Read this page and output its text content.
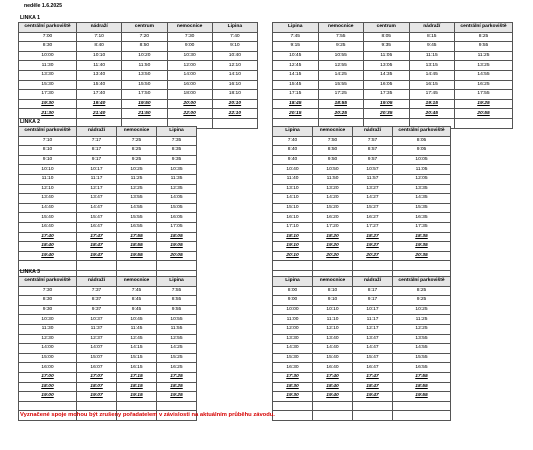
neděle 1.6.2025
LINKA 1
centrální parkoviště	nádraží	centrum	nemocnice	Lipina
7:00	7:10	7:20	7:30	7:40
8:30	8:40	8:50	9:00	9:10
10:00	10:10	10:20	10:30	10:40
11:30	11:40	11:50	12:00	12:10
13:30	13:40	13:50	14:00	14:10
15:30	15:40	15:50	16:00	16:10
17:30	17:40	17:50	18:00	18:10
19:30	19:40	19:50	20:00	20:10
21:30	21:40	21:50	22:00	22:10

Lipina	nemocnice	centrum	nádraží	centrální parkoviště
7:45	7:55	8:05	8:15	8:25
9:15	9:25	9:35	9:45	9:55
10:45	10:55	11:05	11:15	11:25
12:45	12:55	13:05	13:15	13:25
14:15	14:25	14:35	14:45	14:55
15:45	15:55	16:05	16:15	16:25
17:15	17:25	17:35	17:45	17:55
18:45	18:55	19:05	19:15	19:25
20:15	20:25	20:35	20:45	20:55

LINKA 2
centrální parkoviště	nádraží	nemocnice	Lipina
7:10	7:17	7:25	7:35
8:10	8:17	8:25	8:35
9:10	9:17	9:25	9:35
10:10	10:17	10:25	10:35
11:10	11:17	11:25	11:35
12:10	12:17	12:25	12:35
13:40	13:47	13:55	14:05
14:40	14:47	14:55	15:05
15:40	15:47	15:55	16:05
16:40	16:47	16:55	17:05
17:40	17:47	17:55	18:05
18:40	18:47	18:55	19:05
19:40	19:47	19:55	20:05

Lipina	nemocnice	nádraží	centrální parkoviště
7:40	7:50	7:57	8:05
8:40	8:50	8:57	9:05
9:40	9:50	9:57	10:05
10:40	10:50	10:57	11:05
11:40	11:50	11:57	12:05
13:10	13:20	13:27	13:35
14:10	14:20	14:27	14:35
15:10	15:20	15:27	15:35
16:10	16:20	16:27	16:35
17:10	17:20	17:27	17:35
18:10	18:20	18:27	18:35
19:10	19:20	19:27	19:35
20:10	20:20	20:27	20:35

LINKA 3
centrální parkoviště	nádraží	nemocnice	Lipina
7:30	7:37	7:45	7:55
8:30	8:37	8:45	8:55
9:30	9:37	9:45	9:55
10:30	10:37	10:45	10:55
11:30	11:37	11:45	11:55
12:30	12:37	12:45	12:55
14:00	14:07	14:15	14:25
15:00	15:07	15:15	15:25
16:00	16:07	16:15	16:25
17:00	17:07	17:15	17:25
18:00	18:07	18:15	18:25
19:00	19:07	19:15	19:25

Lipina	nemocnice	nádraží	centrální parkoviště
8:00	8:10	8:17	8:25
9:00	9:10	9:17	9:25
10:00	10:10	10:17	10:25
11:00	11:10	11:17	11:25
12:00	12:10	12:17	12:25
13:30	13:40	13:47	13:55
14:30	14:40	14:47	14:55
15:30	15:40	15:47	15:55
16:30	16:40	16:47	16:55
17:30	17:40	17:47	17:55
18:30	18:40	18:47	18:55
19:30	19:40	19:47	19:55

Vyznačené spoje mohou být zrušeny pořadatelem v závislosti na aktuálním průběhu závodu.
